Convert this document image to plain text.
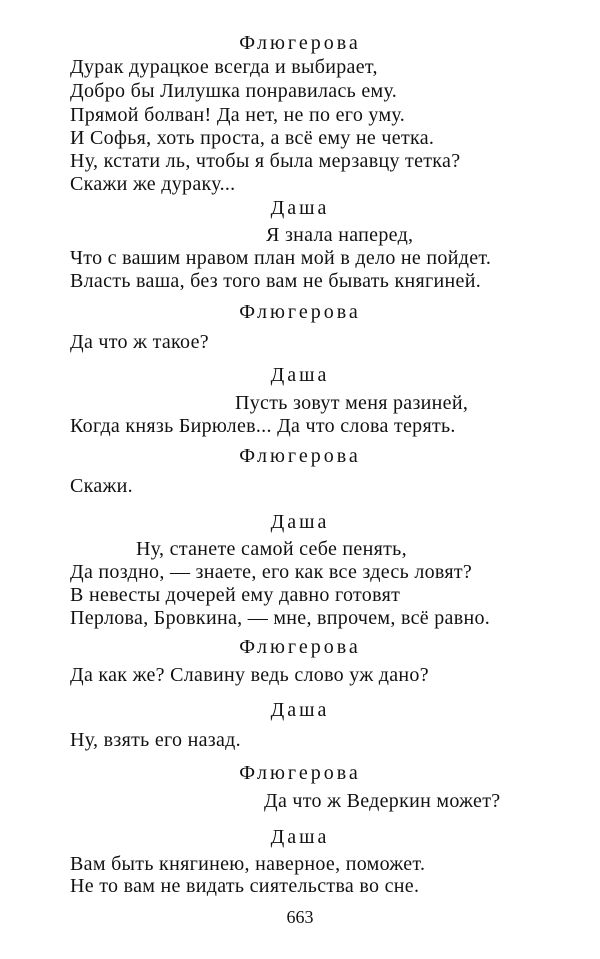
Флюгерова
Дурак дурацкое всегда и выбирает,
Добро бы Лилушка понравилась ему.
Прямой болван! Да нет, не по его уму.
И Софья, хоть проста, а всё ему не четка.
Ну, кстати ль, чтобы я была мерзавцу тетка?
Скажи же дураку...
Даша
Я знала наперед,
Что с вашим нравом план мой в дело не пойдет.
Власть ваша, без того вам не бывать княгиней.
Флюгерова
Да что ж такое?
Даша
Пусть зовут меня разиней,
Когда князь Бирюлев... Да что слова терять.
Флюгерова
Скажи.
Даша
Ну, станете самой себе пенять,
Да поздно, — знаете, его как все здесь ловят?
В невесты дочерей ему давно готовят
Перлова, Бровкина, — мне, впрочем, всё равно.
Флюгерова
Да как же? Славину ведь слово уж дано?
Даша
Ну, взять его назад.
Флюгерова
Да что ж Ведеркин может?
Даша
Вам быть княгинею, наверное, поможет.
Не то вам не видать сиятельства во сне.
663
